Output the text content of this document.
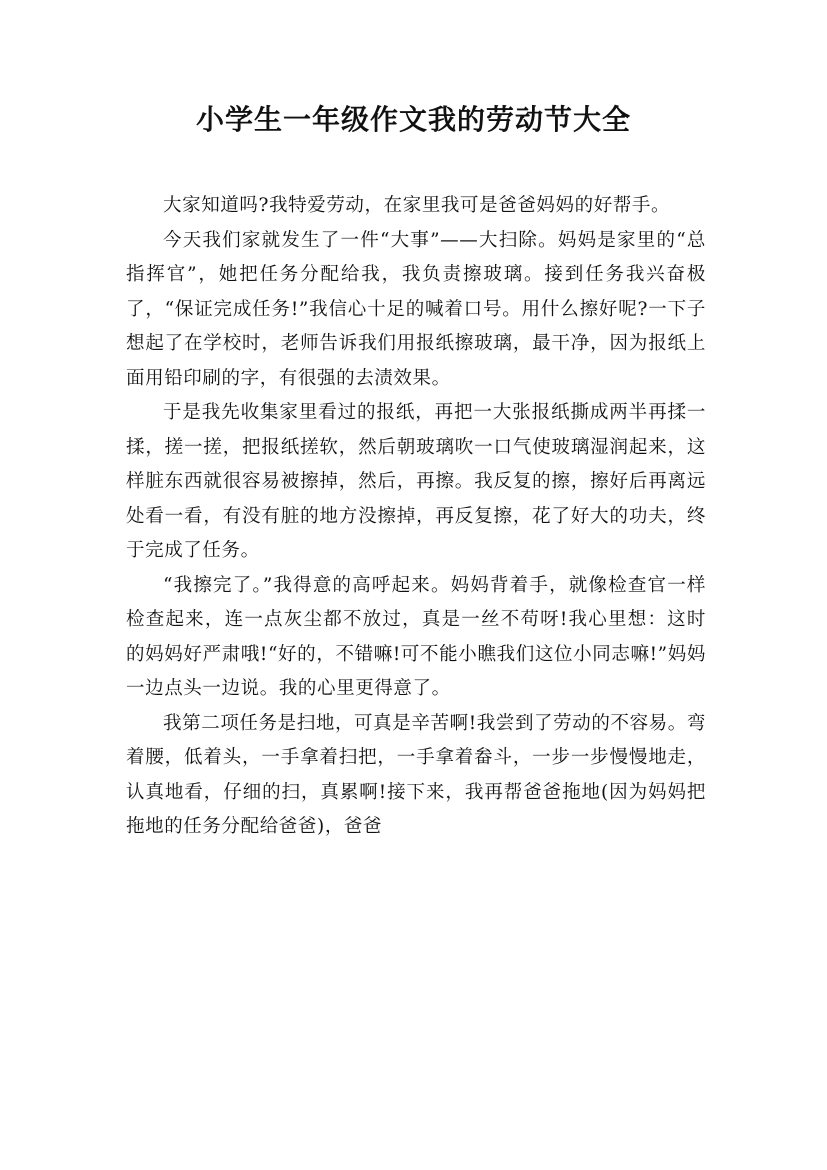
小学生一年级作文我的劳动节大全

大家知道吗?我特爱劳动，在家里我可是爸爸妈妈的好帮手。

今天我们家就发生了一件“大事”——大扫除。妈妈是家里的“总指挥官”，她把任务分配给我，我负责擦玻璃。接到任务我兴奋极了，“保证完成任务!”我信心十足的喊着口号。用什么擦好呢?一下子想起了在学校时，老师告诉我们用报纸擦玻璃，最干净，因为报纸上面用铅印刷的字，有很强的去渍效果。

于是我先收集家里看过的报纸，再把一大张报纸撕成两半再揉一揉，搓一搓，把报纸搓软，然后朝玻璃吹一口气使玻璃湿润起来，这样脏东西就很容易被擦掉，然后，再擦。我反复的擦，擦好后再离远处看一看，有没有脏的地方没擦掉，再反复擦，花了好大的功夫，终于完成了任务。

“我擦完了。”我得意的高呼起来。妈妈背着手，就像检查官一样检查起来，连一点灰尘都不放过，真是一丝不苟呀!我心里想：这时的妈妈好严肃哦!“好的，不错嘛!可不能小瞧我们这位小同志嘛!”妈妈一边点头一边说。我的心里更得意了。

我第二项任务是扫地，可真是辛苦啊!我尝到了劳动的不容易。弯着腰，低着头，一手拿着扫把，一手拿着畚斗，一步一步慢慢地走，认真地看，仔细的扫，真累啊!接下来，我再帮爸爸拖地(因为妈妈把拖地的任务分配给爸爸)，爸爸
